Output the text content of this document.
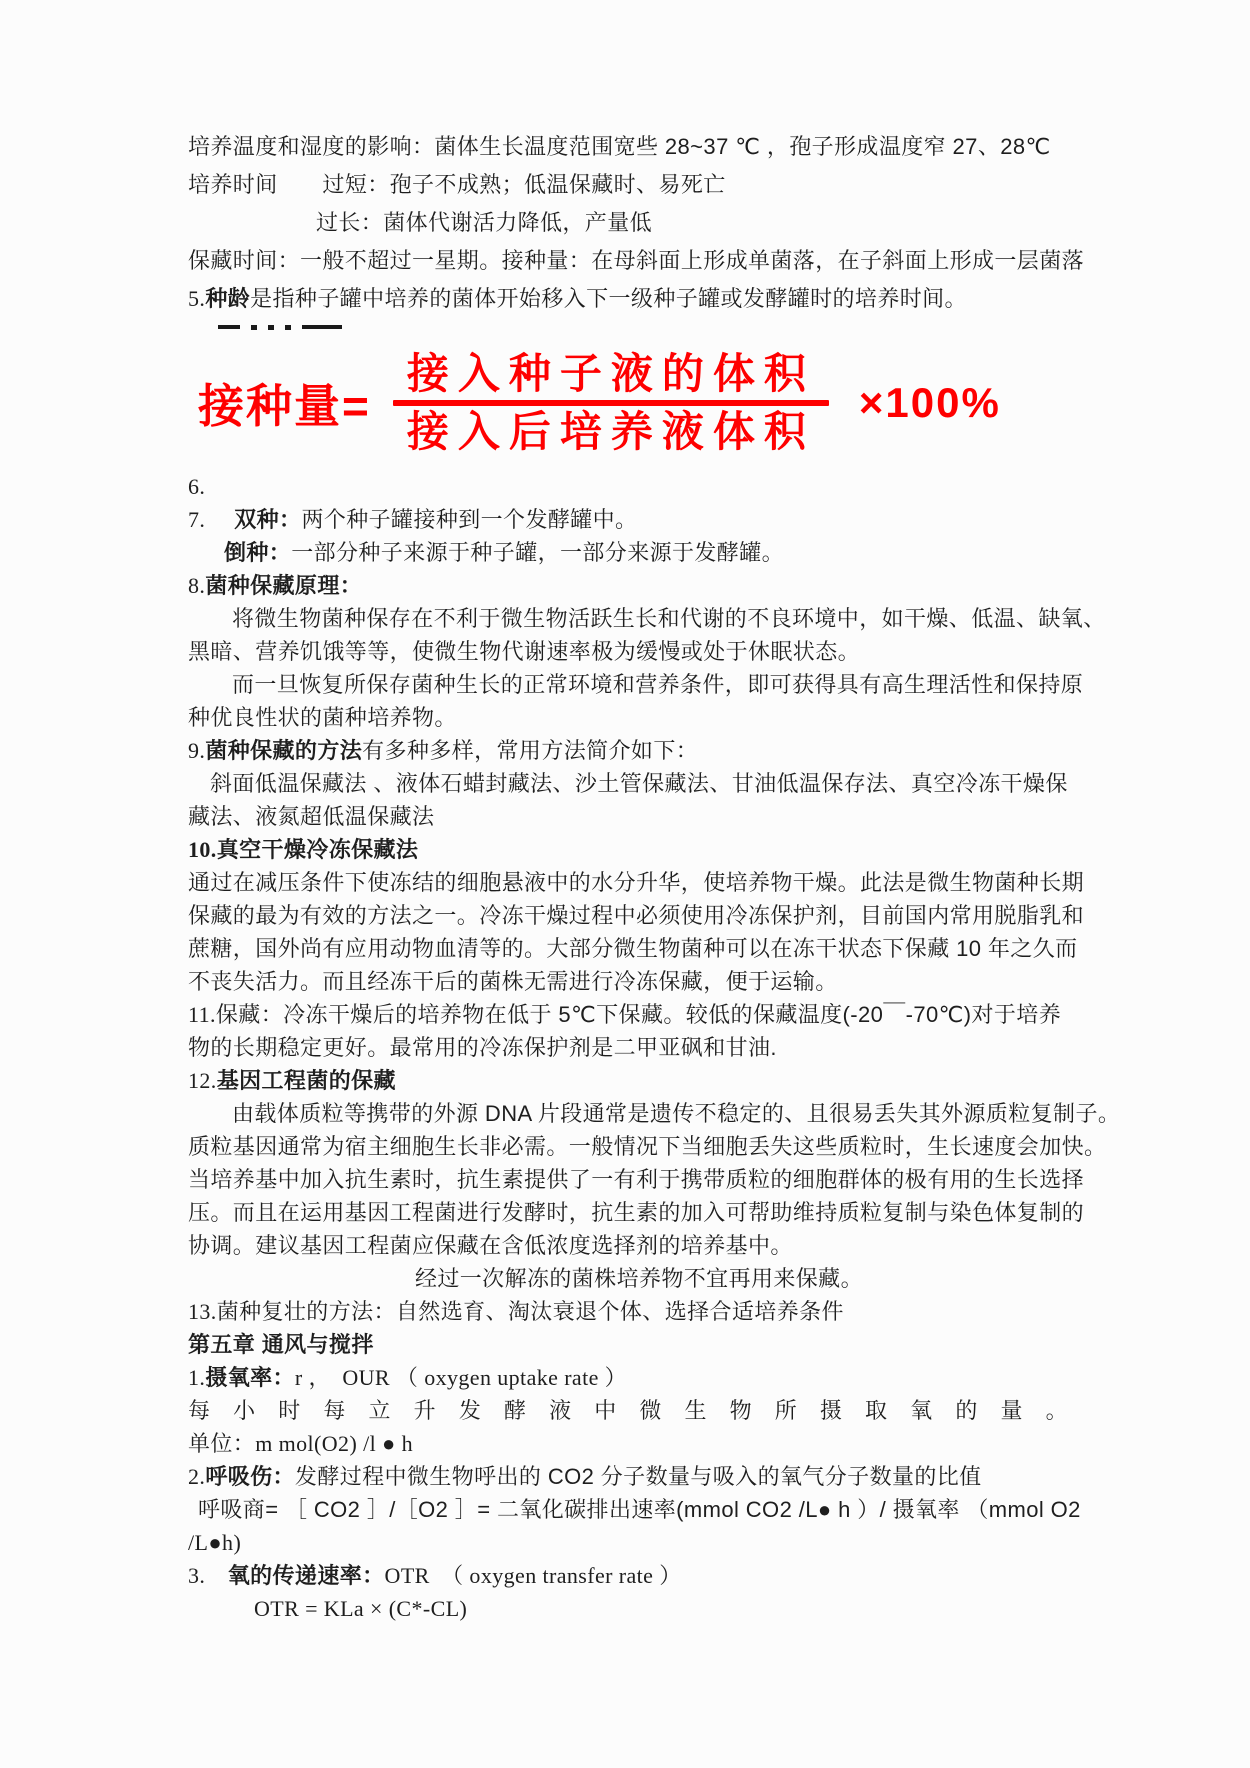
培养温度和湿度的影响：菌体生长温度范围宽些 28~37 ℃ ，孢子形成温度窄 27、28℃
培养时间　　 过短：孢子不成熟；低温保藏时、易死亡
过长：菌体代谢活力降低，产量低
保藏时间：一般不超过一星期。接种量：在母斜面上形成单菌落，在子斜面上形成一层菌落
5.种龄是指种子罐中培养的菌体开始移入下一级种子罐或发酵罐时的培养时间。
接种量=
接入种子液的体积
接入后培养液体积
×100%
6.
7.　 双种：两个种子罐接种到一个发酵罐中。
倒种：一部分种子来源于种子罐，一部分来源于发酵罐。
8.菌种保藏原理：
将微生物菌种保存在不利于微生物活跃生长和代谢的不良环境中，如干燥、低温、缺氧、
黑暗、营养饥饿等等，使微生物代谢速率极为缓慢或处于休眠状态。
而一旦恢复所保存菌种生长的正常环境和营养条件，即可获得具有高生理活性和保持原
种优良性状的菌种培养物。
9.菌种保藏的方法有多种多样，常用方法简介如下：
斜面低温保藏法 、液体石蜡封藏法、沙土管保藏法、甘油低温保存法、真空冷冻干燥保
藏法、液氮超低温保藏法
10.真空干燥冷冻保藏法
通过在减压条件下使冻结的细胞悬液中的水分升华，使培养物干燥。此法是微生物菌种长期
保藏的最为有效的方法之一。冷冻干燥过程中必须使用冷冻保护剂，目前国内常用脱脂乳和
蔗糖，国外尚有应用动物血清等的。大部分微生物菌种可以在冻干状态下保藏 10 年之久而
不丧失活力。而且经冻干后的菌株无需进行冷冻保藏，便于运输。
11.保藏：冷冻干燥后的培养物在低于 5℃下保藏。较低的保藏温度(-20￣-70℃)对于培养
物的长期稳定更好。最常用的冷冻保护剂是二甲亚砜和甘油.
12.基因工程菌的保藏
由载体质粒等携带的外源 DNA 片段通常是遗传不稳定的、且很易丢失其外源质粒复制子。
质粒基因通常为宿主细胞生长非必需。一般情况下当细胞丢失这些质粒时，生长速度会加快。
当培养基中加入抗生素时，抗生素提供了一有利于携带质粒的细胞群体的极有用的生长选择
压。而且在运用基因工程菌进行发酵时，抗生素的加入可帮助维持质粒复制与染色体复制的
协调。建议基因工程菌应保藏在含低浓度选择剂的培养基中。
经过一次解冻的菌株培养物不宜再用来保藏。
13.菌种复壮的方法：自然选育、淘汰衰退个体、选择合适培养条件
第五章 通风与搅拌
1.摄氧率：r ，　OUR （ oxygen uptake rate ）
每小时每立升发酵液中微生物所摄取氧的量。
单位：m mol(O2) /l ● h
2.呼吸伤：发酵过程中微生物呼出的 CO2 分子数量与吸入的氧气分子数量的比值
呼吸商= ［ CO2 ］/［O2 ］= 二氧化碳排出速率(mmol CO2 /L● h ）/ 摄氧率 （mmol O2
/L●h)
3.　 氧的传递速率：OTR　（ oxygen transfer rate ）
OTR = KLa × (C*-CL)
